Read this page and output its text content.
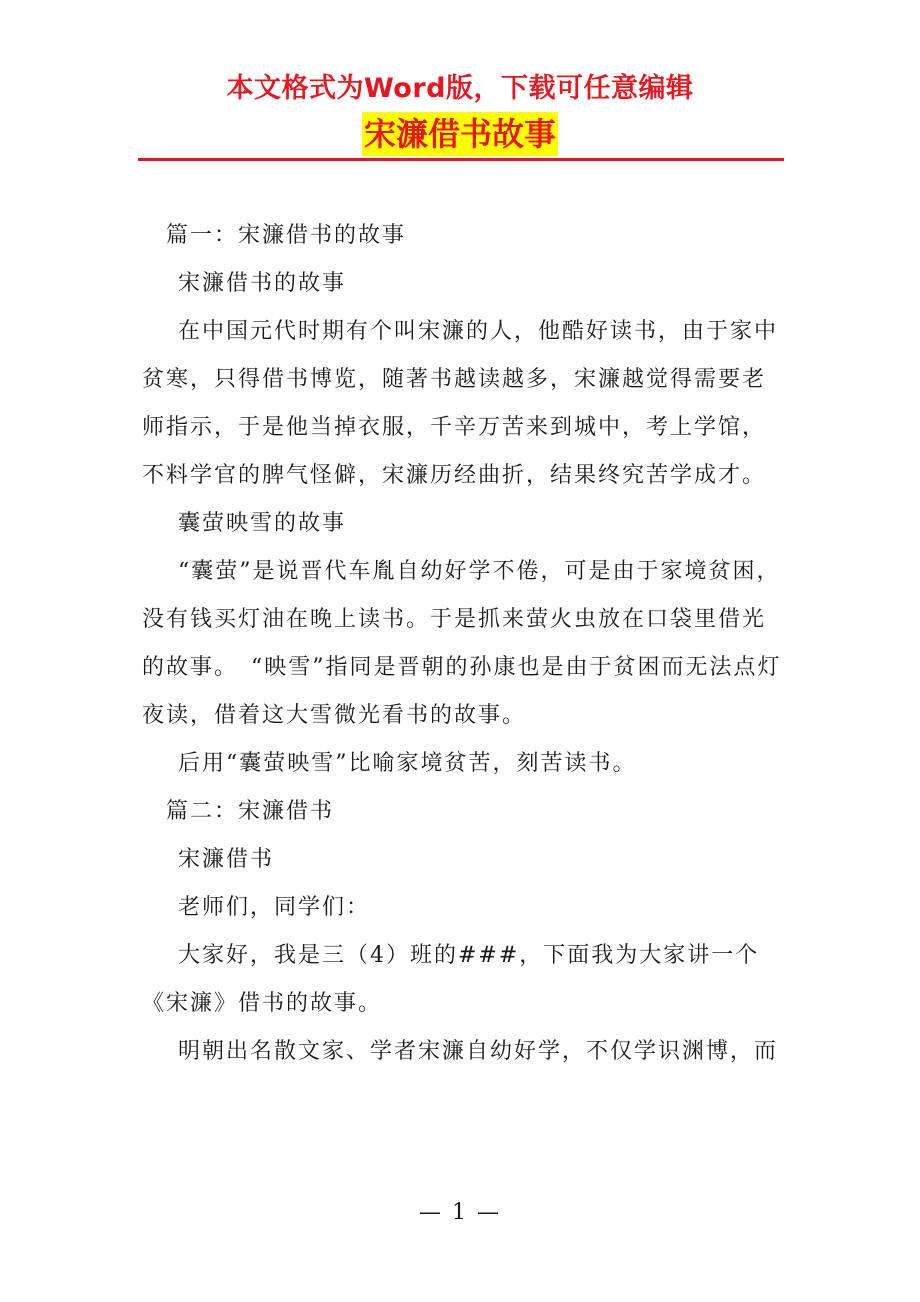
本文格式为Word版，下载可任意编辑
宋濂借书故事

篇一：宋濂借书的故事

宋濂借书的故事

在中国元代时期有个叫宋濂的人，他酷好读书，由于家中贫寒，只得借书博览，随著书越读越多，宋濂越觉得需要老师指示，于是他当掉衣服，千辛万苦来到城中，考上学馆，不料学官的脾气怪僻，宋濂历经曲折，结果终究苦学成才。

囊萤映雪的故事

“囊萤”是说晋代车胤自幼好学不倦，可是由于家境贫困，没有钱买灯油在晚上读书。于是抓来萤火虫放在口袋里借光的故事。　“映雪”指同是晋朝的孙康也是由于贫困而无法点灯夜读，借着这大雪微光看书的故事。

后用“囊萤映雪”比喻家境贫苦，刻苦读书。

篇二：宋濂借书

宋濂借书

老师们，同学们：

大家好，我是三（4）班的###，下面我为大家讲一个《宋濂》借书的故事。

明朝出名散文家、学者宋濂自幼好学，不仅学识渊博，而

— 1 —
